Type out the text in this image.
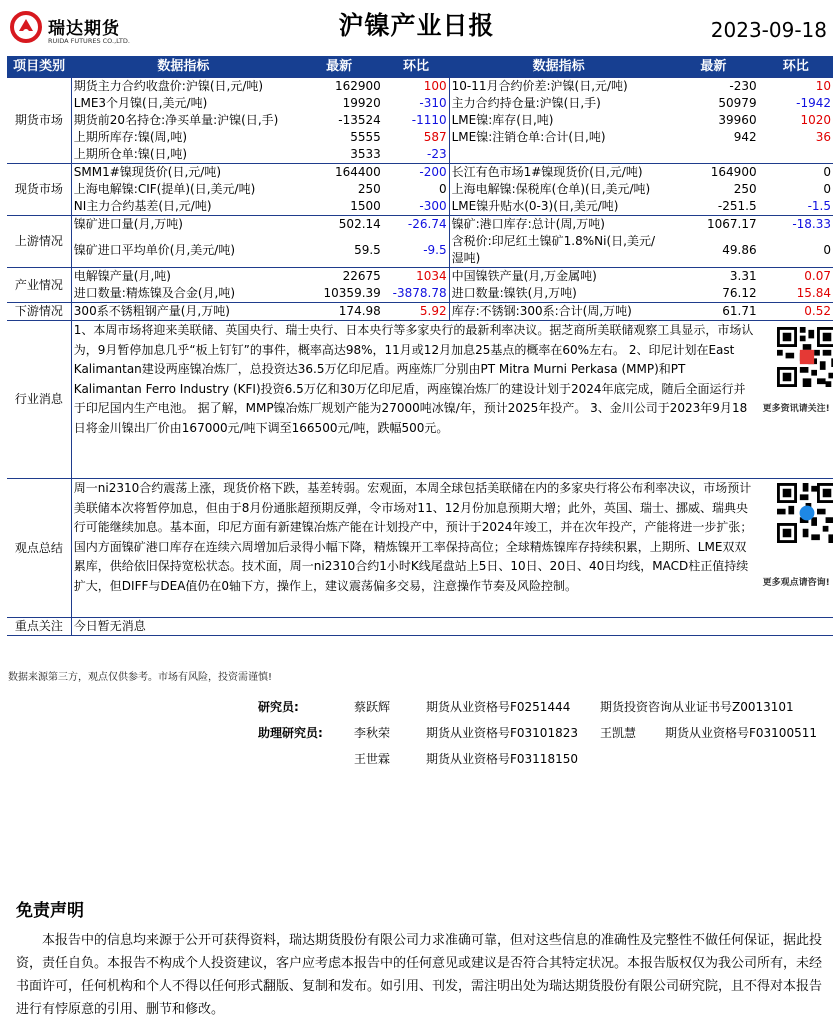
瑞达期货
RUIDA FUTURES CO.,LTD.
沪镍产业日报	2023-09-18
项目类别	数据指标	最新	环比	数据指标	最新	环比
期货市场	期货主力合约收盘价:沪镍(日,元/吨)	162900	100	10-11月合约价差:沪镍(日,元/吨)	-230	10
	LME3个月镍(日,美元/吨)	19920	-310	主力合约持仓量:沪镍(日,手)	50979	-1942
	期货前20名持仓:净买单量:沪镍(日,手)	-13524	-1110	LME镍:库存(日,吨)	39960	1020
	上期所库存:镍(周,吨)	5555	587	LME镍:注销仓单:合计(日,吨)	942	36
	上期所仓单:镍(日,吨)	3533	-23			
现货市场	SMM1#镍现货价(日,元/吨)	164400	-200	长江有色市场1#镍现货价(日,元/吨)	164900	0
	上海电解镍:CIF(提单)(日,美元/吨)	250	0	上海电解镍:保税库(仓单)(日,美元/吨)	250	0
	NI主力合约基差(日,元/吨)	1500	-300	LME镍升贴水(0-3)(日,美元/吨)	-251.5	-1.5
上游情况	镍矿进口量(月,万吨)	502.14	-26.74	镍矿:港口库存:总计(周,万吨)	1067.17	-18.33
	镍矿进口平均单价(月,美元/吨)	59.5	-9.5	含税价:印尼红土镍矿1.8%Ni(日,美元/湿吨)	49.86	0
产业情况	电解镍产量(月,吨)	22675	1034	中国镍铁产量(月,万金属吨)	3.31	0.07
	进口数量:精炼镍及合金(月,吨)	10359.39	-3878.78	进口数量:镍铁(月,万吨)	76.12	15.84
下游情况	300系不锈粗钢产量(月,万吨)	174.98	5.92	库存:不锈钢:300系:合计(周,万吨)	61.71	0.52
行业消息	1、本周市场将迎来美联储、英国央行、瑞士央行、日本央行等多家央行的最新利率决议。据芝商所美联储观察工具显示，市场认为，9月暂停加息几乎“板上钉钉”的事件，概率高达98%，11月或12月加息25基点的概率在60%左右。 2、印尼计划在East Kalimantan建设两座镍冶炼厂，总投资达36.5万亿印尼盾。两座炼厂分别由PT Mitra Murni Perkasa (MMP)和PT Kalimantan Ferro Industry (KFI)投资6.5万亿和30万亿印尼盾，两座镍冶炼厂的建设计划于2024年底完成，随后全面运行并于印尼国内生产电池。 据了解，MMP镍冶炼厂规划产能为27000吨冰镍/年，预计2025年投产。 3、金川公司于2023年9月18日将金川镍出厂价由167000元/吨下调至166500元/吨，跌幅500元。					更多资讯请关注!

观点总结	周一ni2310合约震荡上涨，现货价格下跌，基差转弱。宏观面，本周全球包括美联储在内的多家央行将公布利率决议，市场预计美联储本次将暂停加息，但由于8月份通胀超预期反弹，令市场对11、12月份加息预期大增；此外，英国、瑞士、挪威、瑞典央行可能继续加息。基本面，印尼方面有新建镍冶炼产能在计划投产中，预计于2024年竣工，并在次年投产，产能将进一步扩张；国内方面镍矿港口库存在连续六周增加后录得小幅下降，精炼镍开工率保持高位；全球精炼镍库存持续积累，上期所、LME双双累库，供给依旧保持宽松状态。技术面，周一ni2310合约1小时K线尾盘站上5日、10日、20日、40日均线，MACD柱正值持续扩大，但DIFF与DEA值仍在0轴下方，操作上，建议震荡偏多交易，注意操作节奏及风险控制。					更多观点请咨询!

重点关注	今日暂无消息					
数据来源第三方，观点仅供参考。市场有风险，投资需谨慎!
研究员:	蔡跃辉	期货从业资格号F0251444 期货投资咨询从业证书号Z0013101
助理研究员:	李秋荣	期货从业资格号F03101823 王凯慧 期货从业资格号F03100511
王世霖	期货从业资格号F03118150
免责声明
本报告中的信息均来源于公开可获得资料，瑞达期货股份有限公司力求准确可靠，但对这些信息的准确性及完整性不做任何保证，据此投资，责任自负。本报告不构成个人投资建议，客户应考虑本报告中的任何意见或建议是否符合其特定状况。本报告版权仅为我公司所有，未经书面许可，任何机构和个人不得以任何形式翻版、复制和发布。如引用、刊发，需注明出处为瑞达期货股份有限公司研究院，且不得对本报告进行有悖原意的引用、删节和修改。
